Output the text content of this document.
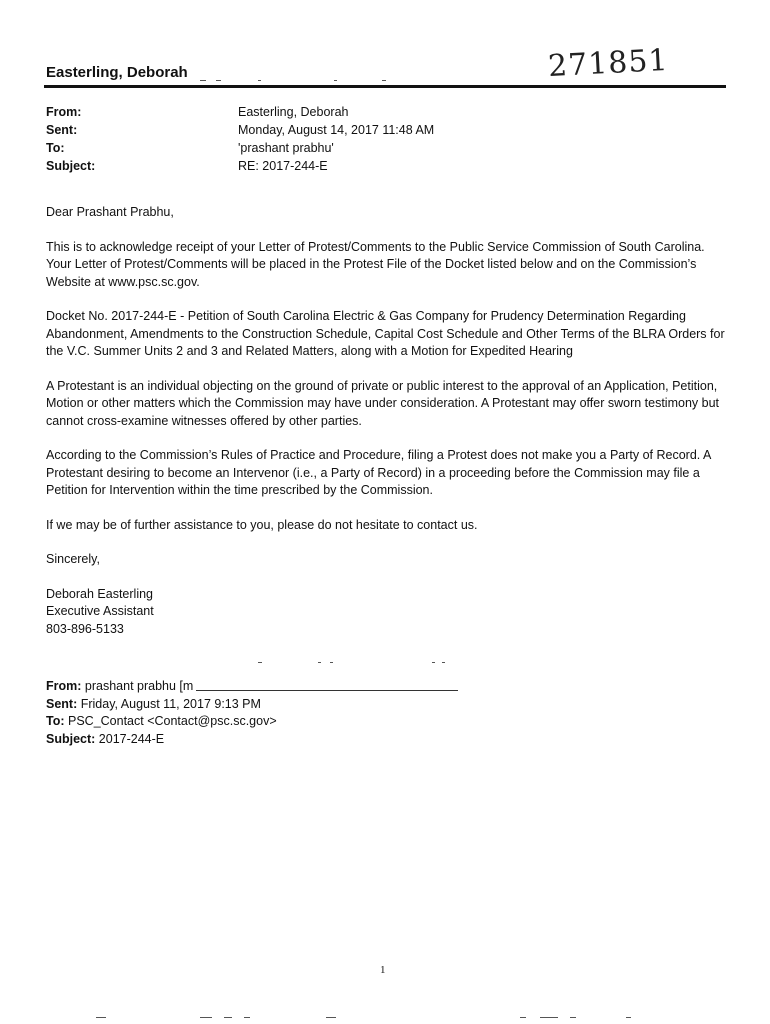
Easterling, Deborah	271851
From:	Easterling, Deborah
Sent:	Monday, August 14, 2017 11:48 AM
To:	'prashant prabhu'
Subject:	RE: 2017-244-E

Dear Prashant Prabhu,

This is to acknowledge receipt of your Letter of Protest/Comments to the Public Service Commission of South Carolina. Your Letter of Protest/Comments will be placed in the Protest File of the Docket listed below and on the Commission’s Website at www.psc.sc.gov.

Docket No. 2017-244-E - Petition of South Carolina Electric & Gas Company for Prudency Determination Regarding Abandonment, Amendments to the Construction Schedule, Capital Cost Schedule and Other Terms of the BLRA Orders for the V.C. Summer Units 2 and 3 and Related Matters, along with a Motion for Expedited Hearing

A Protestant is an individual objecting on the ground of private or public interest to the approval of an Application, Petition, Motion or other matters which the Commission may have under consideration. A Protestant may offer sworn testimony but cannot cross-examine witnesses offered by other parties.

According to the Commission’s Rules of Practice and Procedure, filing a Protest does not make you a Party of Record. A Protestant desiring to become an Intervenor (i.e., a Party of Record) in a proceeding before the Commission may file a Petition for Intervention within the time prescribed by the Commission.

If we may be of further assistance to you, please do not hesitate to contact us.

Sincerely,

Deborah Easterling
Executive Assistant
803-896-5133

From: prashant prabhu [m
Sent: Friday, August 11, 2017 9:13 PM
To: PSC_Contact <Contact@psc.sc.gov>
Subject: 2017-244-E
1
